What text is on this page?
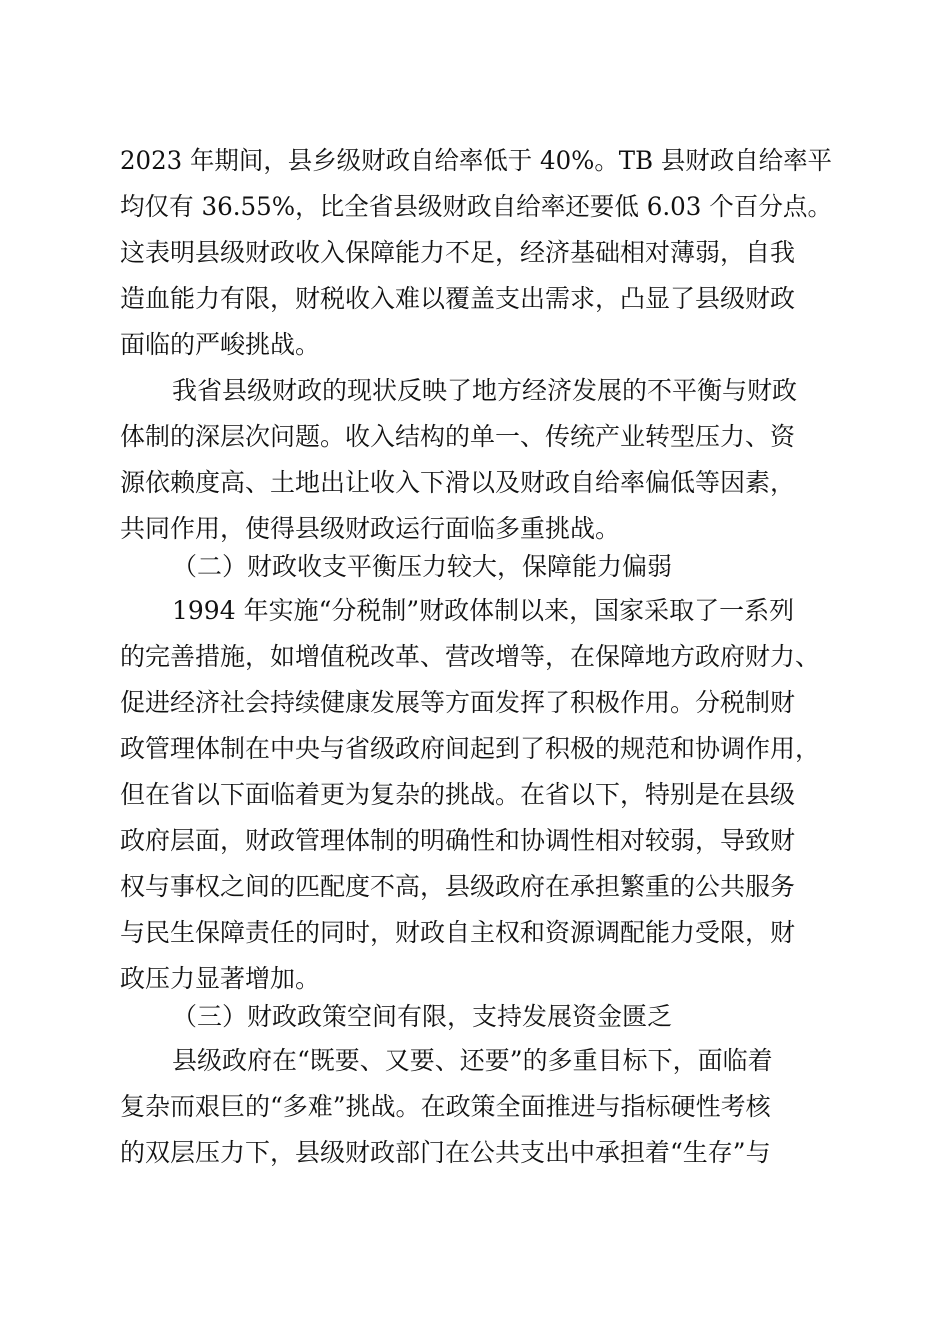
2023 年期间，县乡级财政自给率低于 40%。TB 县财政自给率平
均仅有 36.55%，比全省县级财政自给率还要低 6.03 个百分点。
这表明县级财政收入保障能力不足，经济基础相对薄弱，自我
造血能力有限，财税收入难以覆盖支出需求，凸显了县级财政
面临的严峻挑战。
我省县级财政的现状反映了地方经济发展的不平衡与财政
体制的深层次问题。收入结构的单一、传统产业转型压力、资
源依赖度高、土地出让收入下滑以及财政自给率偏低等因素，
共同作用，使得县级财政运行面临多重挑战。
（二）财政收支平衡压力较大，保障能力偏弱
1994 年实施“分税制”财政体制以来，国家采取了一系列
的完善措施，如增值税改革、营改增等，在保障地方政府财力、
促进经济社会持续健康发展等方面发挥了积极作用。分税制财
政管理体制在中央与省级政府间起到了积极的规范和协调作用，
但在省以下面临着更为复杂的挑战。在省以下，特别是在县级
政府层面，财政管理体制的明确性和协调性相对较弱，导致财
权与事权之间的匹配度不高，县级政府在承担繁重的公共服务
与民生保障责任的同时，财政自主权和资源调配能力受限，财
政压力显著增加。
（三）财政政策空间有限，支持发展资金匮乏
县级政府在“既要、又要、还要”的多重目标下，面临着
复杂而艰巨的“多难”挑战。在政策全面推进与指标硬性考核
的双层压力下，县级财政部门在公共支出中承担着“生存”与
